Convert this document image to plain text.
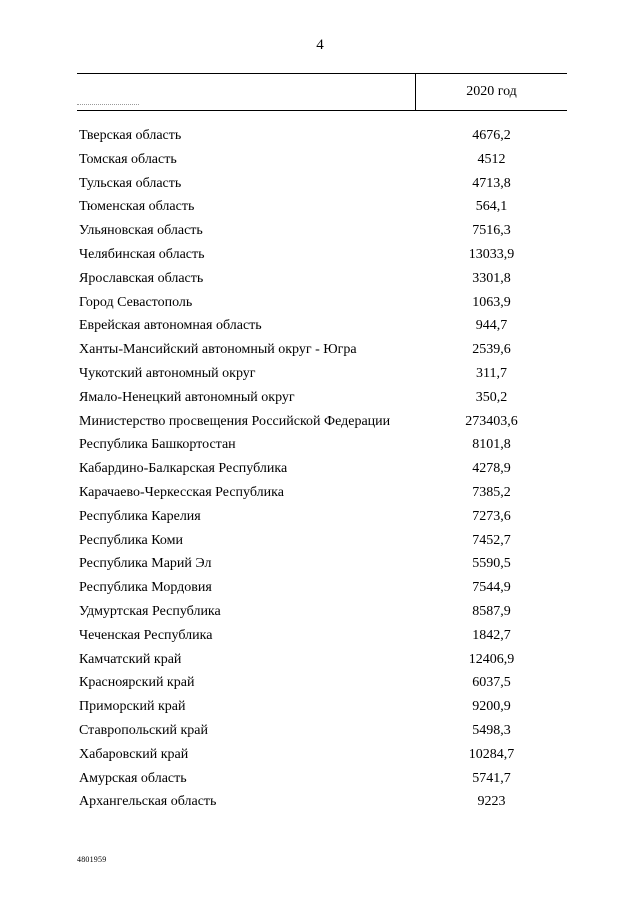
4
2020 год
Тверская область	4676,2
Томская область	4512
Тульская область	4713,8
Тюменская область	564,1
Ульяновская область	7516,3
Челябинская область	13033,9
Ярославская область	3301,8
Город Севастополь	1063,9
Еврейская автономная область	944,7
Ханты-Мансийский автономный округ - Югра	2539,6
Чукотский автономный округ	311,7
Ямало-Ненецкий автономный округ	350,2
Министерство просвещения Российской Федерации	273403,6
Республика Башкортостан	8101,8
Кабардино-Балкарская Республика	4278,9
Карачаево-Черкесская Республика	7385,2
Республика Карелия	7273,6
Республика Коми	7452,7
Республика Марий Эл	5590,5
Республика Мордовия	7544,9
Удмуртская Республика	8587,9
Чеченская Республика	1842,7
Камчатский край	12406,9
Красноярский край	6037,5
Приморский край	9200,9
Ставропольский край	5498,3
Хабаровский край	10284,7
Амурская область	5741,7
Архангельская область	9223
4801959
